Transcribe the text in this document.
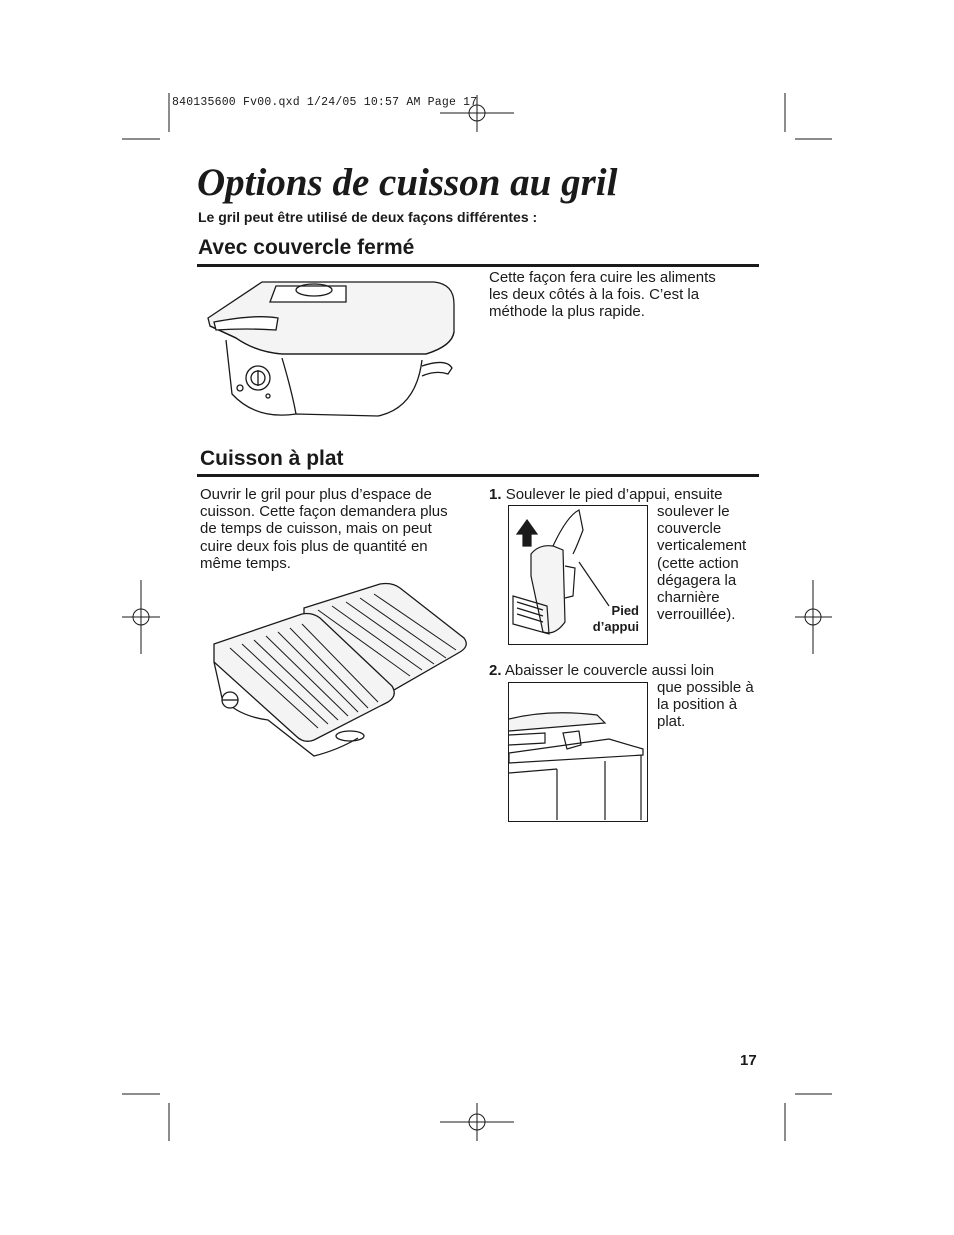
840135600 Fv00.qxd 1/24/05 10:57 AM Page 17
Options de cuisson au gril
Le gril peut être utilisé de deux façons différentes :
Avec couvercle fermé
Cette façon fera cuire les aliments les deux côtés à la fois. C’est la méthode la plus rapide.
Cuisson à plat
Ouvrir le gril pour plus d’espace de cuisson. Cette façon demandera plus de temps de cuisson, mais on peut cuire deux fois plus de quantité en même temps.
1. Soulever le pied d’appui, ensuite
Pied
d’appui
soulever le couvercle verticalement (cette action dégagera la charnière verrouillée).
2. Abaisser le couvercle aussi loin
que possible à la position à plat.
17
